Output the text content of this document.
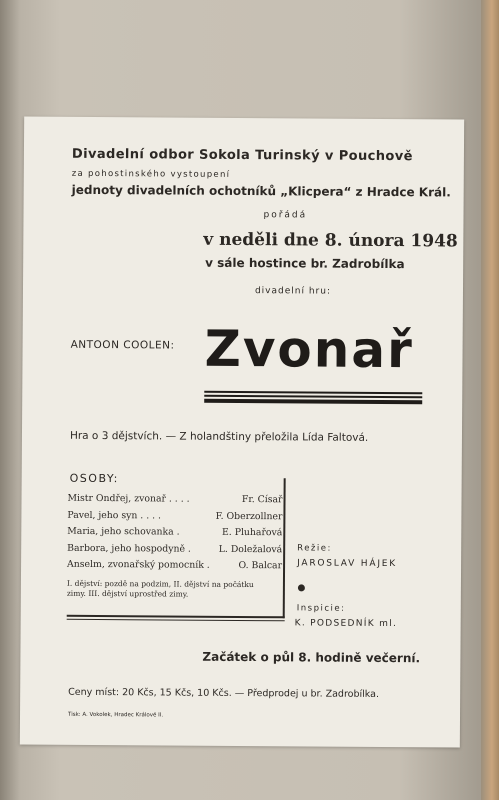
Divadelní odbor Sokola Turinský v Pouchově
za pohostinského vystoupení
jednoty divadelních ochotníků „Klicpera“ z Hradce Král.
pořádá
v neděli dne 8. února 1948
v sále hostince br. Zadrobílka
divadelní hru:
ANTOON COOLEN: Zvonař
Hra o 3 dějstvích. — Z holandštiny přeložila Lída Faltová.
OSOBY:
Mistr Ondřej, zvonař . . . .	Fr. Císař
Pavel, jeho syn . . . .	F. Oberzollner
Maria, jeho schovanka .	E. Pluhařová
Barbora, jeho hospodyně .	L. Doležalová
Anselm, zvonařský pomocník .	O. Balcar
I. dějství: pozdě na podzim, II. dějství na počátku
zimy. III. dějství uprostřed zimy.
Režie:
JAROSLAV HÁJEK
Inspicie:
K. PODSEDNÍK ml.
Začátek o půl 8. hodině večerní.
Ceny míst: 20 Kčs, 15 Kčs, 10 Kčs. — Předprodej u br. Zadrobílka.
Tisk: A. Vokolek, Hradec Králové II.
